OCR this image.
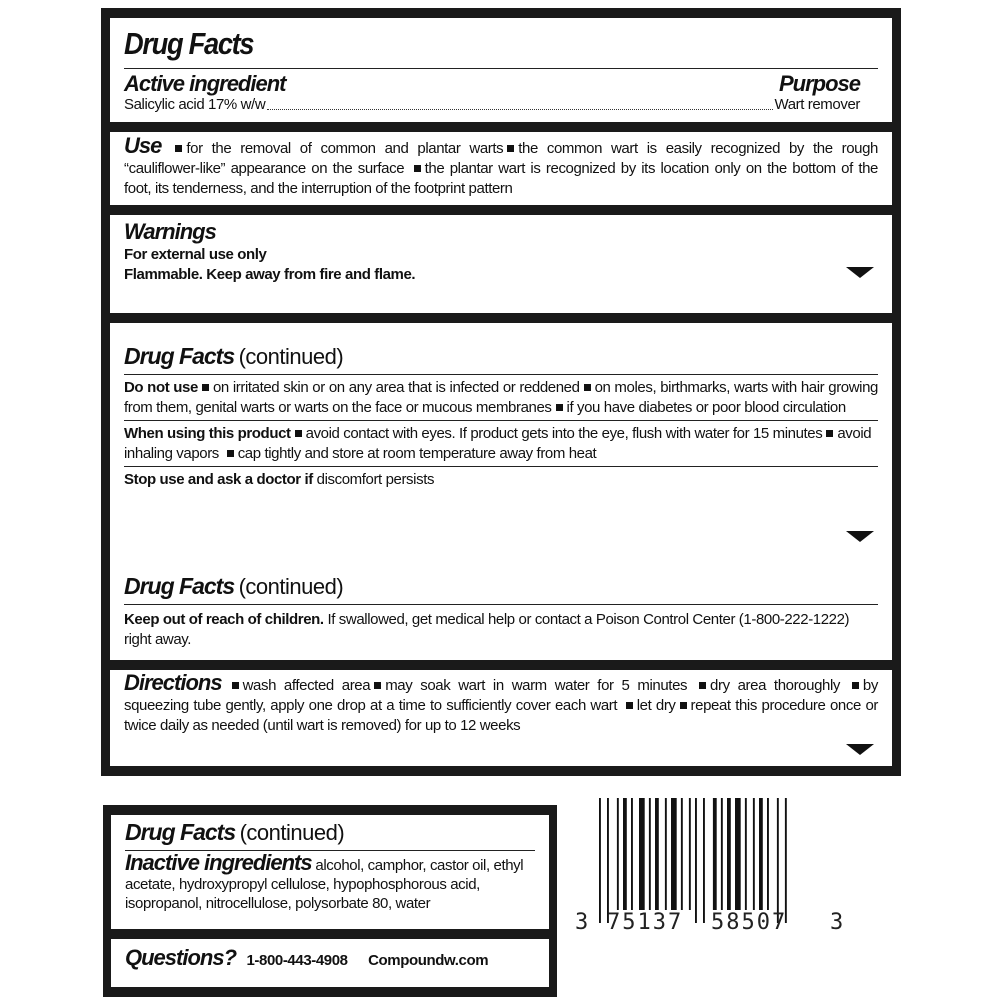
Drug Facts
Active ingredient	Purpose
Salicylic acid 17% w/w	Wart remover
Use for the removal of common and plantar warts the common wart is easily recognized by the rough “cauliflower-like” appearance on the surface the plantar wart is recognized by its location only on the bottom of the foot, its tenderness, and the interruption of the footprint pattern
Warnings
For external use only
Flammable. Keep away from fire and flame.
Drug Facts (continued)
Do not use on irritated skin or on any area that is infected or reddened on moles, birthmarks, warts with hair growing from them, genital warts or warts on the face or mucous membranes if you have diabetes or poor blood circulation
When using this product avoid contact with eyes. If product gets into the eye, flush with water for 15 minutes avoid inhaling vapors cap tightly and store at room temperature away from heat
Stop use and ask a doctor if discomfort persists
Drug Facts (continued)
Keep out of reach of children. If swallowed, get medical help or contact a Poison Control Center (1-800-222-1222) right away.
Directions wash affected area may soak wart in warm water for 5 minutes dry area thoroughly by squeezing tube gently, apply one drop at a time to sufficiently cover each wart let dry repeat this procedure once or twice daily as needed (until wart is removed) for up to 12 weeks
Drug Facts (continued)
Inactive ingredients alcohol, camphor, castor oil, ethyl acetate, hydroxypropyl cellulose, hypophosphorous acid, isopropanol, nitrocellulose, polysorbate 80, water
Questions? 1-800-443-4908 Compoundw.com
3 75137 58507 3
